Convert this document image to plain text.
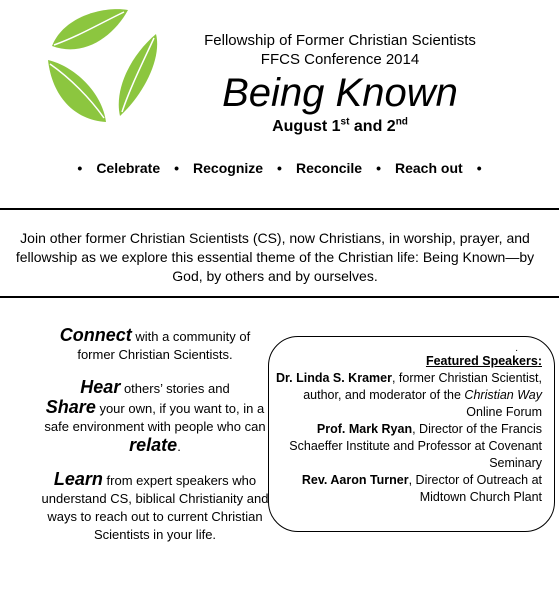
Fellowship of Former Christian Scientists
FFCS Conference 2014
Being Known
August 1st and 2nd
• Celebrate • Recognize • Reconcile • Reach out •
Join other former Christian Scientists (CS), now Christians, in worship, prayer, and fellowship as we explore this essential theme of the Christian life: Being Known—by God, by others and by ourselves.

Connect with a community of former Christian Scientists.

Hear others’ stories and
Share your own, if you want to, in a safe environment with people who can relate.

Learn from expert speakers who understand CS, biblical Christianity and ways to reach out to current Christian Scientists in your life.

.
Featured Speakers:
Dr. Linda S. Kramer, former Christian Scientist, author, and moderator of the Christian Way Online Forum
Prof. Mark Ryan, Director of the Francis Schaeffer Institute and Professor at Covenant Seminary
Rev. Aaron Turner, Director of Outreach at Midtown Church Plant
